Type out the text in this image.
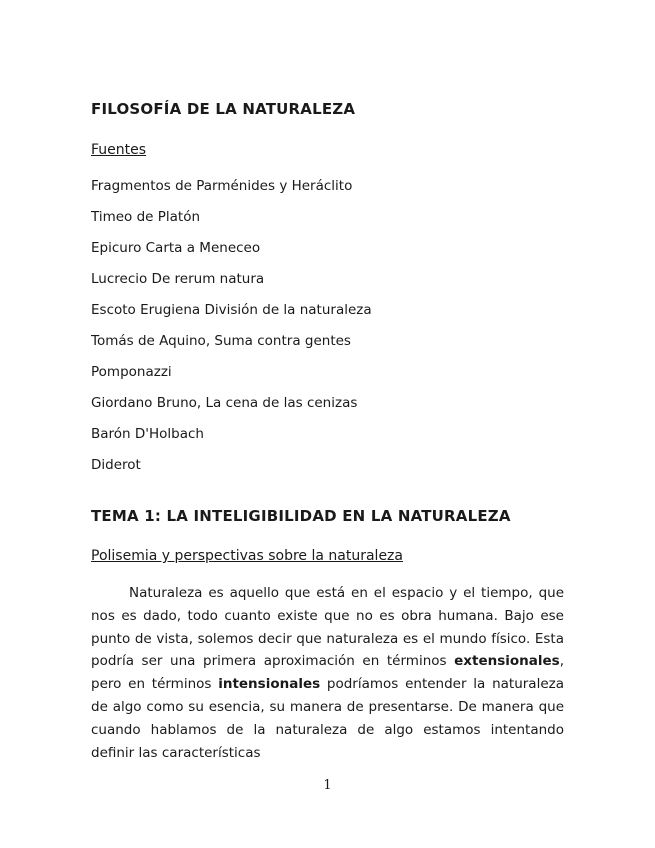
FILOSOFÍA DE LA NATURALEZA

Fuentes

Fragmentos de Parménides y Heráclito
Timeo de Platón
Epicuro Carta a Meneceo
Lucrecio De rerum natura
Escoto Erugiena División de la naturaleza
Tomás de Aquino, Suma contra gentes
Pomponazzi
Giordano Bruno, La cena de las cenizas
Barón D'Holbach
Diderot
TEMA 1: LA INTELIGIBILIDAD EN LA NATURALEZA

Polisemia y perspectivas sobre la naturaleza

Naturaleza es aquello que está en el espacio y el tiempo, que nos es dado, todo cuanto existe que no es obra humana. Bajo ese punto de vista, solemos decir que naturaleza es el mundo físico. Esta podría ser una primera aproximación en términos extensionales, pero en términos intensionales podríamos entender la naturaleza de algo como su esencia, su manera de presentarse. De manera que cuando hablamos de la naturaleza de algo estamos intentando definir las características

1
